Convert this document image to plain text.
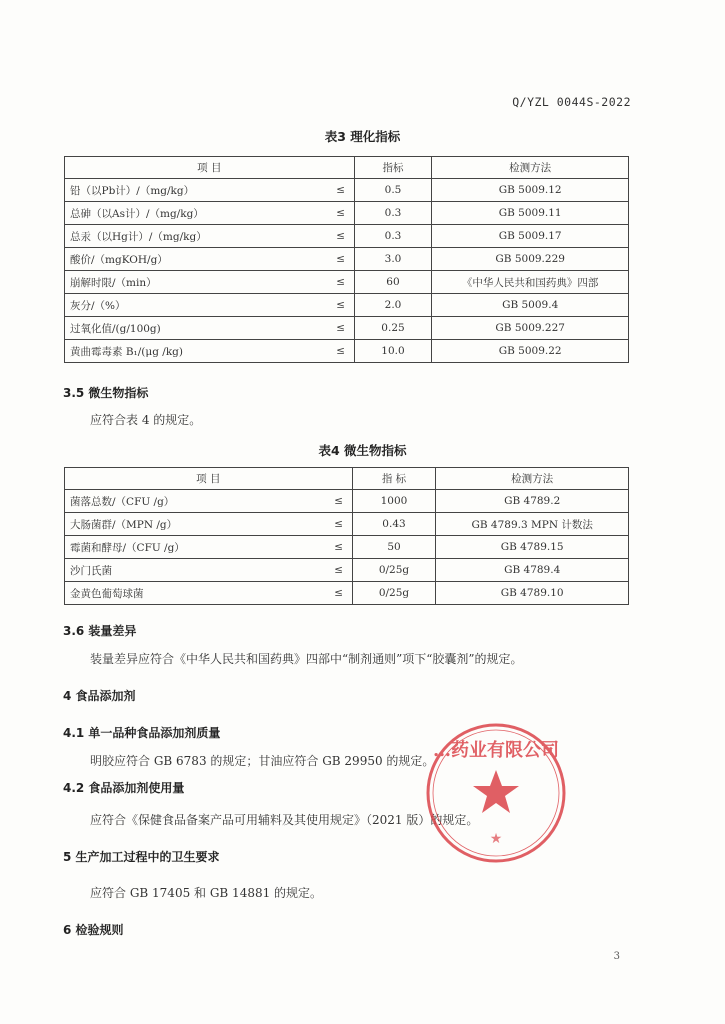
Q/YZL 0044S-2022
表3 理化指标
项 目		指标	检测方法
铅（以Pb计）/（mg/kg）	≤	0.5	GB 5009.12
总砷（以As计）/（mg/kg）	≤	0.3	GB 5009.11
总汞（以Hg计）/（mg/kg）	≤	0.3	GB 5009.17
酸价/（mgKOH/g）	≤	3.0	GB 5009.229
崩解时限/（min）	≤	60	《中华人民共和国药典》四部
灰分/（%）	≤	2.0	GB 5009.4
过氧化值/(g/100g)	≤	0.25	GB 5009.227
黄曲霉毒素 B₁/(μg /kg)	≤	10.0	GB 5009.22
3.5 微生物指标
应符合表 4 的规定。
表4 微生物指标
项 目		指 标	检测方法
菌落总数/（CFU /g）	≤	1000	GB 4789.2
大肠菌群/（MPN /g）	≤	0.43	GB 4789.3 MPN 计数法
霉菌和酵母/（CFU /g）	≤	50	GB 4789.15
沙门氏菌	≤	0/25g	GB 4789.4
金黄色葡萄球菌	≤	0/25g	GB 4789.10
3.6 装量差异
装量差异应符合《中华人民共和国药典》四部中“制剂通则”项下“胶囊剂”的规定。
4 食品添加剂
4.1 单一品种食品添加剂质量
明胶应符合 GB 6783 的规定；甘油应符合 GB 29950 的规定。
4.2 食品添加剂使用量
应符合《保健食品备案产品可用辅料及其使用规定》（2021 版）的规定。
5 生产加工过程中的卫生要求
应符合 GB 17405 和 GB 14881 的规定。
6 检验规则
…药业有限公司
★
3
